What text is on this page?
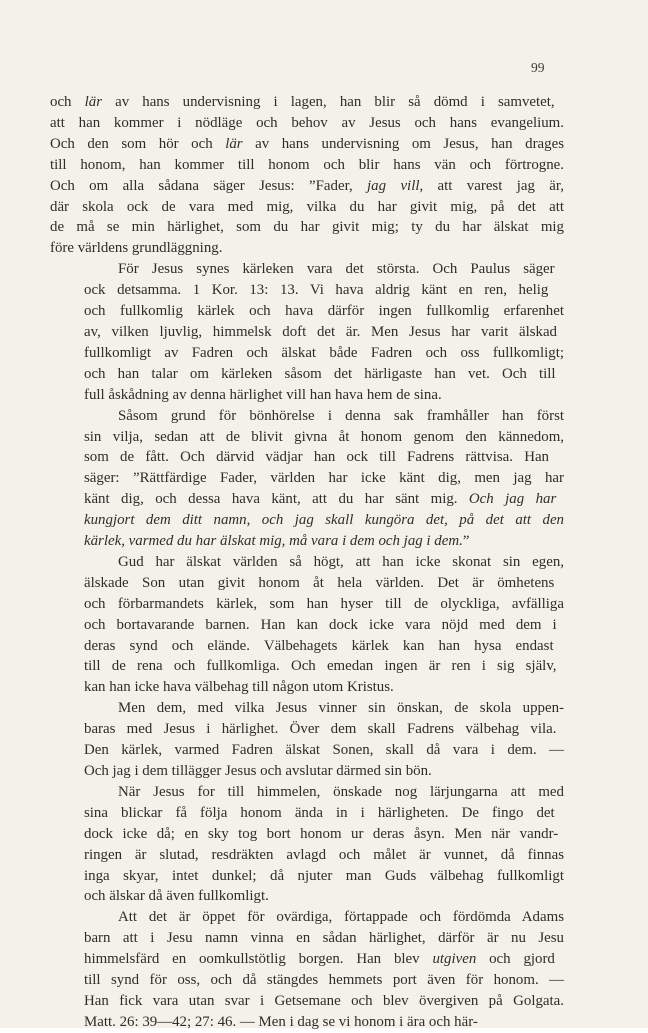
99
och lär av hans undervisning i lagen, han blir så dömd i samvetet,
att han kommer i nödläge och behov av Jesus och hans evangelium.
Och den som hör och lär av hans undervisning om Jesus, han drages
till honom, han kommer till honom och blir hans vän och förtrogne.
Och om alla sådana säger Jesus: ”Fader, jag vill, att varest jag är,
där skola ock de vara med mig, vilka du har givit mig, på det att
de må se min härlighet, som du har givit mig; ty du har älskat mig
före världens grundläggning.
För Jesus synes kärleken vara det största. Och Paulus säger
ock detsamma. 1 Kor. 13: 13. Vi hava aldrig känt en ren, helig
och fullkomlig kärlek och hava därför ingen fullkomlig erfarenhet
av, vilken ljuvlig, himmelsk doft det är. Men Jesus har varit älskad
fullkomligt av Fadren och älskat både Fadren och oss fullkomligt;
och han talar om kärleken såsom det härligaste han vet. Och till
full åskådning av denna härlighet vill han hava hem de sina.
Såsom grund för bönhörelse i denna sak framhåller han först
sin vilja, sedan att de blivit givna åt honom genom den kännedom,
som de fått. Och därvid vädjar han ock till Fadrens rättvisa. Han
säger: ”Rättfärdige Fader, världen har icke känt dig, men jag har
känt dig, och dessa hava känt, att du har sänt mig. Och jag har
kungjort dem ditt namn, och jag skall kungöra det, på det att den
kärlek, varmed du har älskat mig, må vara i dem och jag i dem.”
Gud har älskat världen så högt, att han icke skonat sin egen,
älskade Son utan givit honom åt hela världen. Det är ömhetens
och förbarmandets kärlek, som han hyser till de olyckliga, avfälliga
och bortavarande barnen. Han kan dock icke vara nöjd med dem i
deras synd och elände. Välbehagets kärlek kan han hysa endast
till de rena och fullkomliga. Och emedan ingen är ren i sig själv,
kan han icke hava välbehag till någon utom Kristus.
Men dem, med vilka Jesus vinner sin önskan, de skola uppen-
baras med Jesus i härlighet. Över dem skall Fadrens välbehag vila.
Den kärlek, varmed Fadren älskat Sonen, skall då vara i dem. —
Och jag i dem tillägger Jesus och avslutar därmed sin bön.
När Jesus for till himmelen, önskade nog lärjungarna att med
sina blickar få följa honom ända in i härligheten. De fingo det
dock icke då; en sky tog bort honom ur deras åsyn. Men när vandr-
ringen är slutad, resdräkten avlagd och målet är vunnet, då finnas
inga skyar, intet dunkel; då njuter man Guds välbehag fullkomligt
och älskar då även fullkomligt.
Att det är öppet för ovärdiga, förtappade och fördömda Adams
barn att i Jesu namn vinna en sådan härlighet, därför är nu Jesu
himmelsfärd en oomkullstötlig borgen. Han blev utgiven och gjord
till synd för oss, och då stängdes hemmets port även för honom. —
Han fick vara utan svar i Getsemane och blev övergiven på Golgata.
Matt. 26: 39—42; 27: 46. — Men i dag se vi honom i ära och här-
